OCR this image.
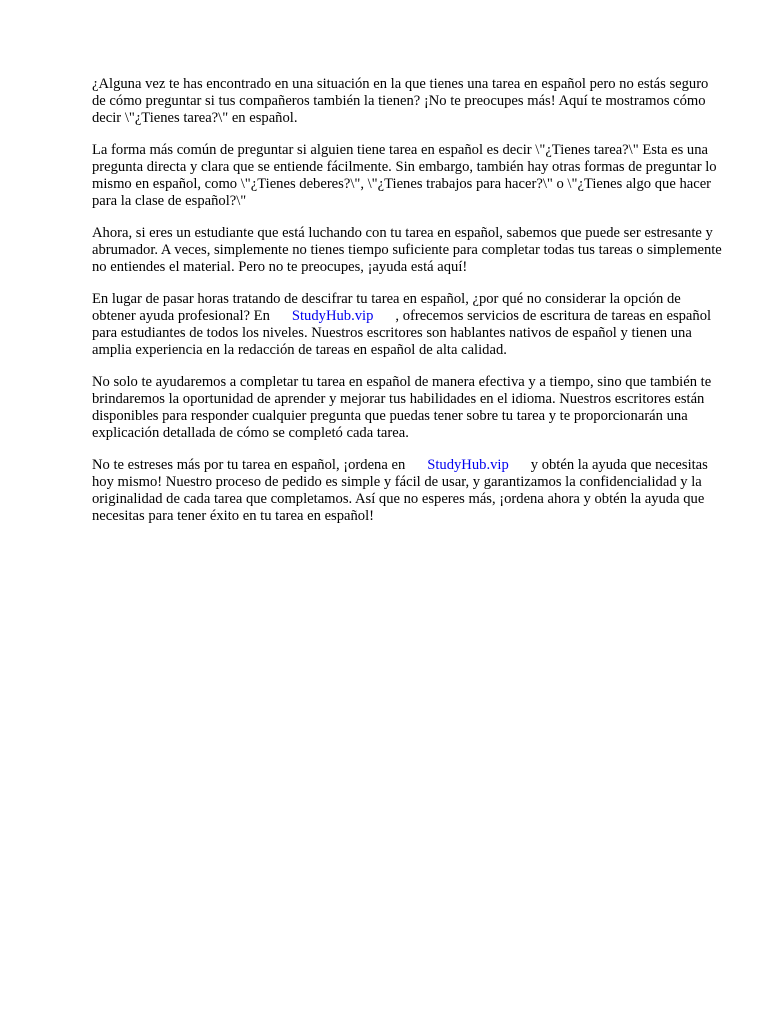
¿Alguna vez te has encontrado en una situación en la que tienes una tarea en español pero no estás seguro de cómo preguntar si tus compañeros también la tienen? ¡No te preocupes más! Aquí te mostramos cómo decir \"¿Tienes tarea?\" en español.

La forma más común de preguntar si alguien tiene tarea en español es decir \"¿Tienes tarea?\" Esta es una pregunta directa y clara que se entiende fácilmente. Sin embargo, también hay otras formas de preguntar lo mismo en español, como \"¿Tienes deberes?\", \"¿Tienes trabajos para hacer?\" o \"¿Tienes algo que hacer para la clase de español?\"

Ahora, si eres un estudiante que está luchando con tu tarea en español, sabemos que puede ser estresante y abrumador. A veces, simplemente no tienes tiempo suficiente para completar todas tus tareas o simplemente no entiendes el material. Pero no te preocupes, ¡ayuda está aquí!

En lugar de pasar horas tratando de descifrar tu tarea en español, ¿por qué no considerar la opción de obtener ayuda profesional? En StudyHub.vip , ofrecemos servicios de escritura de tareas en español para estudiantes de todos los niveles. Nuestros escritores son hablantes nativos de español y tienen una amplia experiencia en la redacción de tareas en español de alta calidad.

No solo te ayudaremos a completar tu tarea en español de manera efectiva y a tiempo, sino que también te brindaremos la oportunidad de aprender y mejorar tus habilidades en el idioma. Nuestros escritores están disponibles para responder cualquier pregunta que puedas tener sobre tu tarea y te proporcionarán una explicación detallada de cómo se completó cada tarea.

No te estreses más por tu tarea en español, ¡ordena en StudyHub.vip y obtén la ayuda que necesitas hoy mismo! Nuestro proceso de pedido es simple y fácil de usar, y garantizamos la confidencialidad y la originalidad de cada tarea que completamos. Así que no esperes más, ¡ordena ahora y obtén la ayuda que necesitas para tener éxito en tu tarea en español!
